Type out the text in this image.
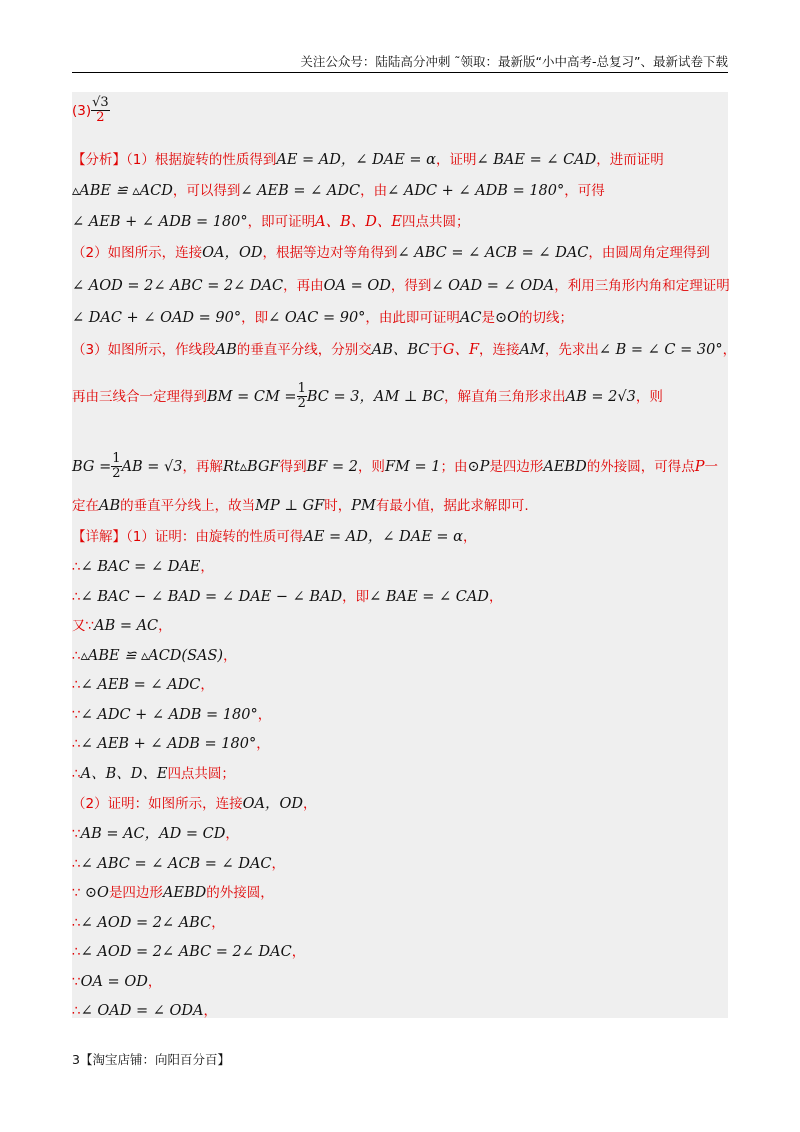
关注公众号：陆陆高分冲刺 ˜领取：最新版“小中高考-总复习”、最新试卷下载
$(3) \frac{√3}{2}$
【分析】（1）根据旋转的性质得到AE = AD，∠ DAE = α，证明∠ BAE = ∠ CAD，进而证明
▵ABE ≌ ▵ACD，可以得到∠ AEB = ∠ ADC，由∠ ADC + ∠ ADB = 180°，可得
∠ AEB + ∠ ADB = 180°，即可证明A、B、D、E四点共圆；
（2）如图所示，连接OA，OD，根据等边对等角得到∠ ABC = ∠ ACB = ∠ DAC，由圆周角定理得到
∠ AOD = 2∠ ABC = 2∠ DAC，再由OA = OD，得到∠ OAD = ∠ ODA，利用三角形内角和定理证明
∠ DAC + ∠ OAD = 90°，即∠ OAC = 90°，由此即可证明AC是⊙O的切线；
（3）如图所示，作线段AB的垂直平分线，分别交AB、BC于G、F，连接AM，先求出∠ B = ∠ C = 30°，
再由三线合一定理得到BM = CM = $\frac{1}{2}$ BC = 3，AM ⊥ BC，解直角三角形求出AB = 2√3，则
BG = $\frac{1}{2}$ AB = √3，再解Rt▵BGF得到BF = 2，则FM = 1；由⊙P是四边形AEBD的外接圆，可得点P一
定在AB的垂直平分线上，故当MP ⊥ GF时，PM有最小值，据此求解即可.
【详解】（1）证明：由旋转的性质可得AE = AD，∠ DAE = α，
∴∠ BAC = ∠ DAE，
∴∠ BAC − ∠ BAD = ∠ DAE − ∠ BAD，即∠ BAE = ∠ CAD，
又∵AB = AC，
∴▵ABE ≌ ▵ACD(SAS)，
∴∠ AEB = ∠ ADC，
∵∠ ADC + ∠ ADB = 180°，
∴∠ AEB + ∠ ADB = 180°，
∴A、B、D、E四点共圆；
（2）证明：如图所示，连接OA，OD，
∵AB = AC，AD = CD，
∴∠ ABC = ∠ ACB = ∠ DAC，
∵ ⊙O是四边形AEBD的外接圆，
∴∠ AOD = 2∠ ABC，
∴∠ AOD = 2∠ ABC = 2∠ DAC，
∵OA = OD，
∴∠ OAD = ∠ ODA，
3【淘宝店铺：向阳百分百】
